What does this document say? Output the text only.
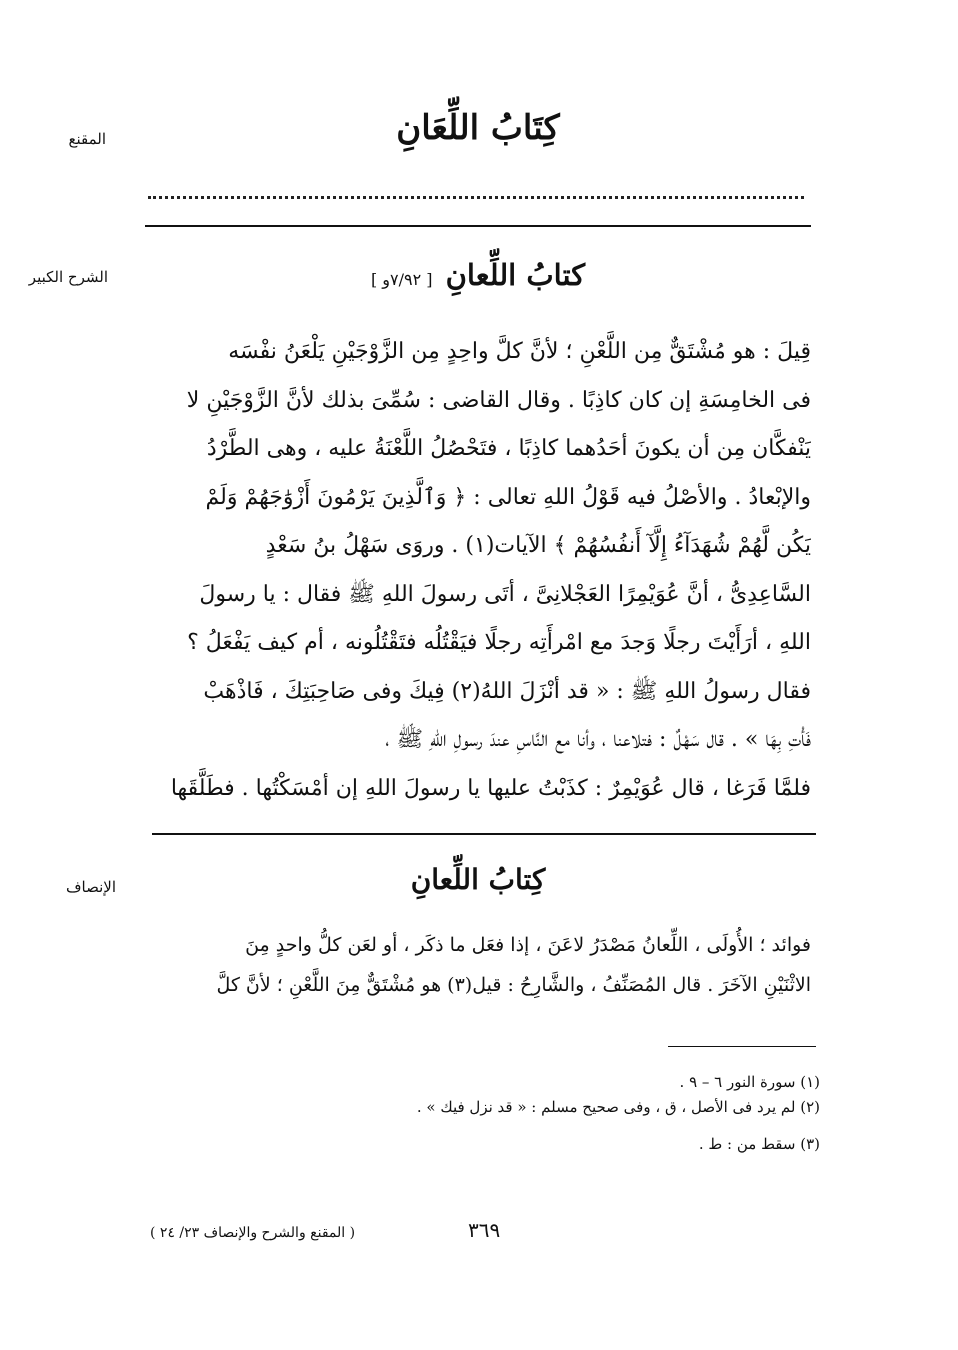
المقنع
الشرح الكبير
الإنصاف
كِتَابُ اللِّعَانِ
كتابُ اللِّعانِ [ ٧/٩٢و ]
قِيلَ : هو مُشْتَقٌّ مِن اللَّعْنِ ؛ لأنَّ كلَّ واحِدٍ مِن الزَّوْجَيْنِ يَلْعَنُ نفْسَه
فى الخامِسَةِ إن كان كاذِبًا . وقال القاضى : سُمِّىَ بذلك لأنَّ الزَّوْجَيْنِ لا
يَنْفكَّان مِن أن يكونَ أحَدُهما كاذِبًا ، فتَحْصُلُ اللَّعْنَةُ عليه ، وهى الطَّرْدُ
والإبْعادُ . والأصْلُ فيه قَوْلُ اللهِ تعالى : ﴿ وَٱلَّذِينَ يَرْمُونَ أَزْوَٰجَهُمْ وَلَمْ
يَكُن لَّهُمْ شُهَدَآءُ إِلَّآ أَنفُسُهُمْ ﴾ الآيات(١) . وروَى سَهْلُ بنُ سَعْدٍ
السَّاعِدِىُّ ، أنَّ عُوَيْمِرًا العَجْلانِىَّ ، أتَى رسولَ اللهِ ﷺ فقال : يا رسولَ
اللهِ ، أرَأَيْتَ رجلًا وَجدَ مع امْرأَتِه رجلًا فيَقْتُلُه فتَقْتُلُونه ، أم كيف يَفْعَلُ ؟
فقال رسولُ اللهِ ﷺ : « قد أنْزَلَ اللهُ(٢) فِيكَ وفى صَاحِبَتِكَ ، فَاذْهَبْ
فَأْتِ بِهَا » . قال سَهْلٌ : فتلاعنا ، وأنا مع النَّاسِ عندَ رسولِ اللهِ ﷺ ،
فلمَّا فَرَغا ، قال عُوَيْمِرٌ : كذَبْتُ عليها يا رسولَ اللهِ إن أمْسَكْتُها . فطَلَّقَها
كِتابُ اللِّعانِ
فوائد ؛ الأُولَى ، اللِّعانُ مَصْدَرُ لاعَنَ ، إذا فعَل ما ذكَر ، أو لعَن كلُّ واحدٍ مِنَ
الاثْنَيْنِ الآخَرَ . قال المُصَنِّفُ ، والشَّارِحُ : قيل(٣) هو مُشْتَقٌّ مِنَ اللَّعْنِ ؛ لأنَّ كلَّ
(١) سورة النور ٦ – ٩ .
(٢) لم يرد فى الأصل ، ق ، وفى صحيح مسلم : « قد نزل فيك » .
(٣) سقط من : ط .
٣٦٩
( المقنع والشرح والإنصاف ٢٣/ ٢٤ )
